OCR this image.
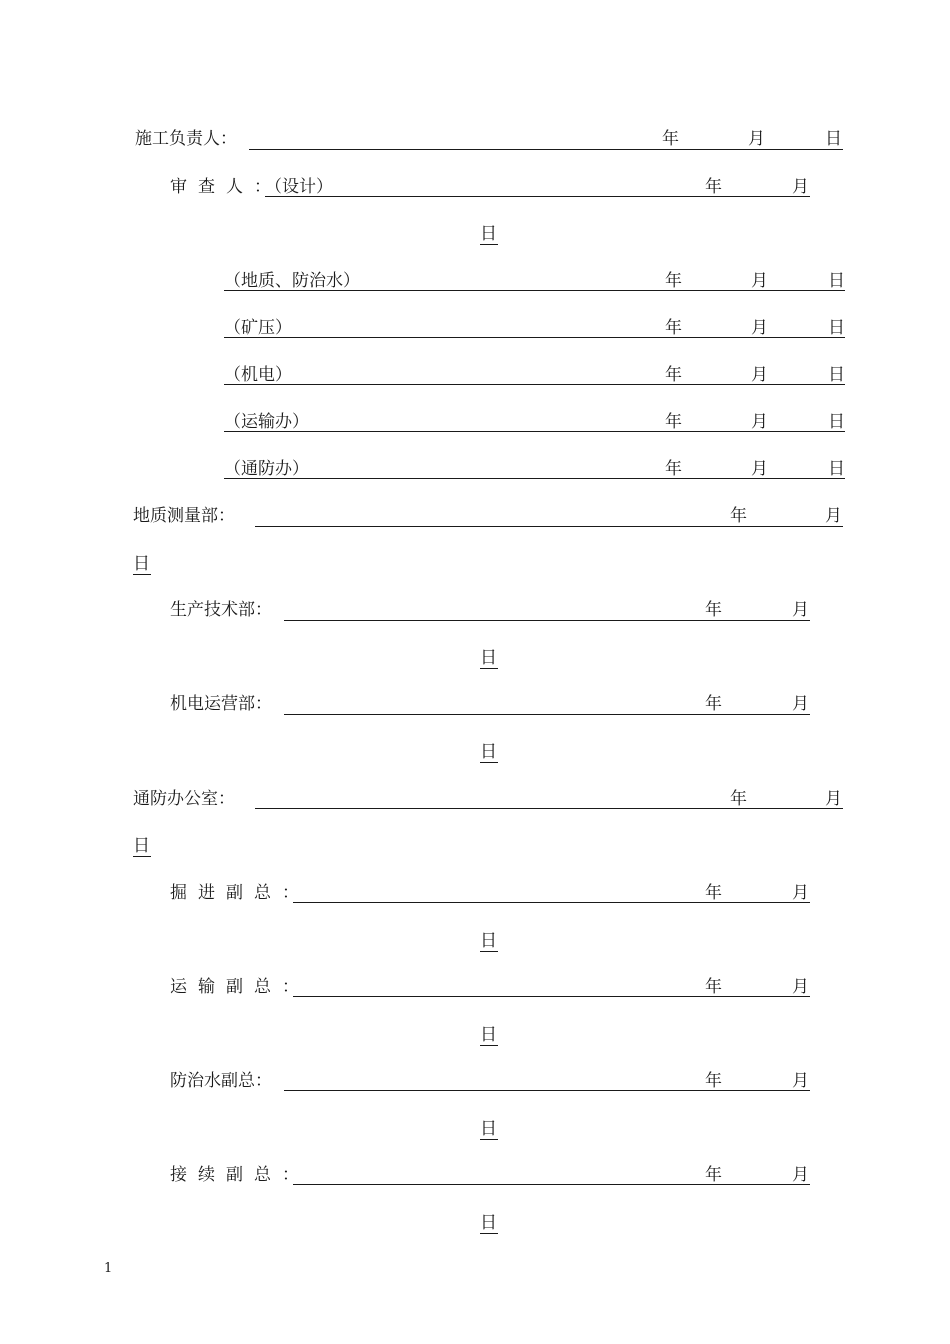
施工负责人：	年	月	日
审查人：
（设计）	年	月
日
（地质、防治水）	年	月	日
（矿压）	年	月	日
（机电）	年	月	日
（运输办）	年	月	日
（通防办）	年	月	日
地质测量部：	年	月
日
生产技术部：	年	月
日
机电运营部：	年	月
日
通防办公室：	年	月
日
掘进副总：	年	月
日
运输副总：	年	月
日
防治水副总：	年	月
日
接续副总：	年	月
日
1
